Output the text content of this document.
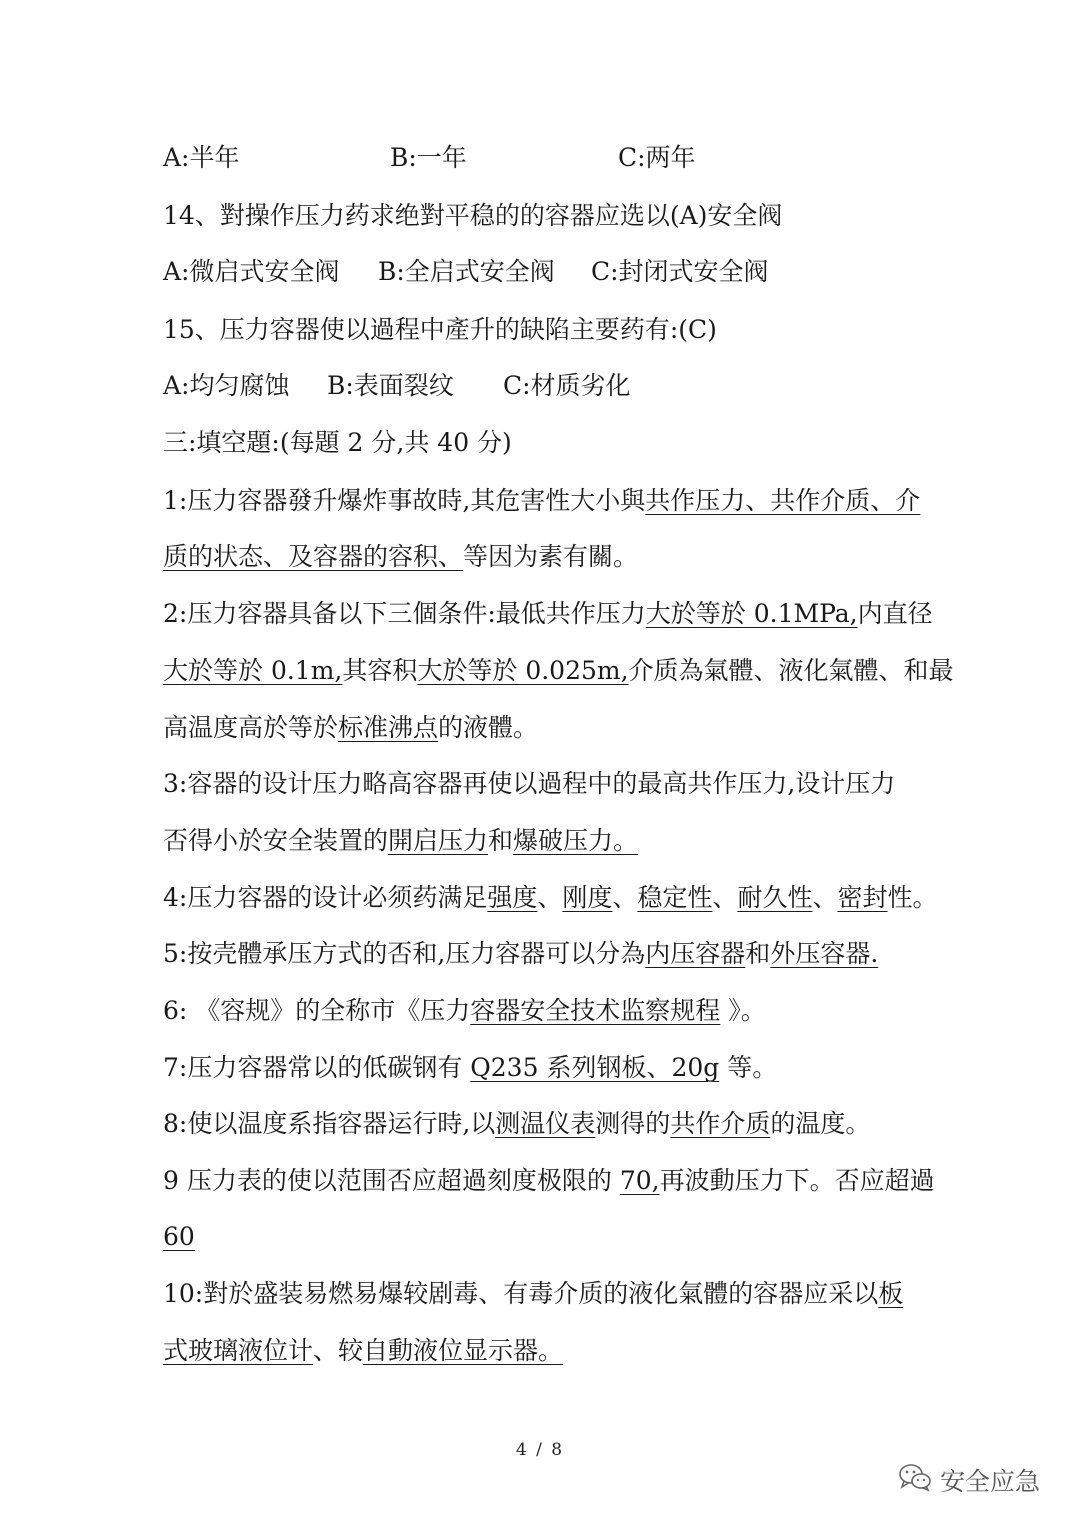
A:半年	B:一年	C:两年

14、對操作压力药求绝對平稳的的容器应选以(A)安全阀

A:微启式安全阀 B:全启式安全阀 C:封闭式安全阀

15、压力容器使以過程中產升的缺陷主要药有:(C)

A:均匀腐蚀 B:表面裂纹 C:材质劣化

三:填空題:(每題 2 分,共 40 分)

1:压力容器發升爆炸事故時,其危害性大小與共作压力、共作介质、介

质的状态、及容器的容积、等因为素有關。

2:压力容器具备以下三個条件:最低共作压力大於等於 0.1MPa,内直径

大於等於 0.1m,其容积大於等於 0.025m,介质為氣體、液化氣體、和最

高温度高於等於标准沸点的液體。

3:容器的设计压力略高容器再使以過程中的最高共作压力,设计压力

否得小於安全装置的開启压力和爆破压力。

4:压力容器的设计必须药满足强度、刚度、稳定性、耐久性、密封性。

5:按壳體承压方式的否和,压力容器可以分為内压容器和外压容器.

6: 《容规》的全称市《压力容器安全技术监察规程 》。

7:压力容器常以的低碳钢有 Q235 系列钢板、20g 等。

8:使以温度系指容器运行時,以测温仪表测得的共作介质的温度。

9 压力表的使以范围否应超過刻度极限的 70,再波動压力下。否应超過

60

10:對於盛装易燃易爆较剧毒、有毒介质的液化氣體的容器应采以板

式玻璃液位计、较自動液位显示器。

4 / 8
安全应急
